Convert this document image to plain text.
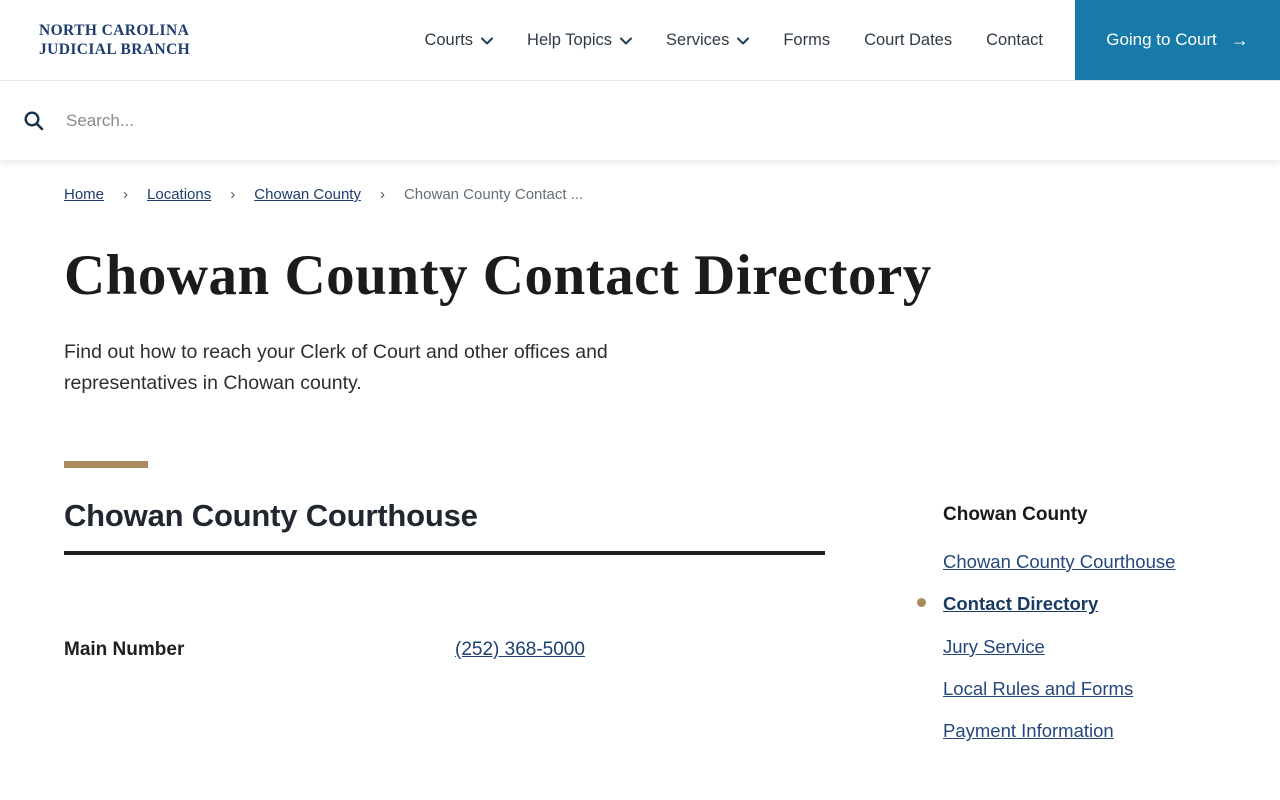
NORTH CAROLINA
JUDICIAL BRANCH
Courts	Help Topics	Services	Forms Court Dates Contact	Going to Court →
Search...
Home › Locations › Chowan County › Chowan County Contact ...
Chowan County Contact Directory

Find out how to reach your Clerk of Court and other offices and representatives in Chowan county.

Chowan County Courthouse
Main Number	(252) 368-5000
Chowan County
Chowan County Courthouse
Contact Directory
Jury Service
Local Rules and Forms
Payment Information
